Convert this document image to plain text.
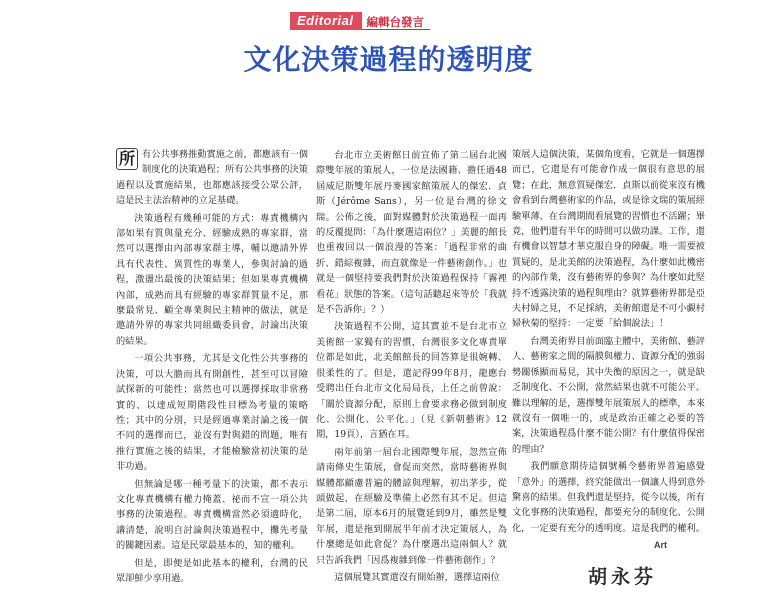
Editorial	編輯台發言
文化決策過程的透明度

所 有公共事務推動實施之前，都應該有一個制度化的決策過程；所有公共事務的決策過程以及實施結果，也都應該接受公眾公評，這是民主法治精神的立足基礎。

決策過程有幾種可能的方式：專責機構內部如果有質與量充分、經驗成熟的專家群，當然可以選擇由內部專家群主導，輔以邀請外界具有代表性、異質性的專業人，參與討論的過程，激盪出最後的決策結果；但如果專責機構內部，成熟而具有經驗的專家群質量不足，那麼最常見、顧全專業與民主精神的做法，就是邀請外界的專家共同組織委員會，討論出決策的結果。

一項公共事務，尤其是文化性公共事務的決策，可以大膽而具有開創性，甚至可以冒險試探新的可能性；當然也可以選擇採取非常務實的、以達成短期階段性目標為考量的策略性；其中的分別，只是經過專業討論之後一個不同的選擇而已，並沒有對與錯的問題，唯有推行實施之後的結果，才能檢驗當初決策的是非功過。

但無論是哪一種考量下的決策，都不表示文化專責機構有權力掩蓋、祕而不宣一項公共事務的決策過程。專責機構當然必須適時化，講清楚，說明自討論與決策過程中，攤先考量的關鍵因素。這是民眾最基本的，知的權利。

但是，即便是如此基本的權利，台灣的民眾卻鮮少享用過。

台北市立美術館日前宣佈了第二屆台北國際雙年展的策展人，一位是法國籍、擔任過48屆威尼斯雙年展丹麥國家館策展人的傑宏．貞斯（Jérôme Sans），另一位是台灣的徐文瑞。公佈之後，面對媒體對於決策過程一面再的反覆提問：「為什麼選這兩位？」美麗的館長也重複回以一個浪漫的答案：「過程非常的曲折、錯綜複雜，而直就像是一件藝術創作。」也就是一個堅持要我們對於決策過程保持「霧裡看花」狀態的答案。（這句話聽起來等於「我就是不告訴你」？）

決策過程不公開，這其實並不是台北市立美術館一家獨有的習慣，台灣很多文化專責單位都是如此，北美館館長的回答算是很婉轉、很柔性的了。但是，還記得99年8月，龍應台受聘出任台北市文化局局長，上任之前曾說：「關於資源分配，原則上會要求務必做到制度化、公開化、公平化。」（見《新朝藝術》12期，19頁），言猶在耳。

兩年前第一屆台北國際雙年展，忽然宣佈請南條史生策展，會促而突然，當時藝術界與媒體都顧慮普遍的體諒與理解，初出茅步，從頭做起，在經驗及準備上必然有其不足。但這是第二屆，原本6月的展覽延到9月，雖然是雙年展，還是拖到開展半年前才決定策展人，為什麼總是如此倉促？為什麼選出這兩個人？就只告訴我們「因爲複雜到像一件藝術創作」？

這個展覽其實還沒有開始辦，選擇這兩位

策展人這個決策，某個角度看，它就是一個選擇而已，它還是有可能會作成一個很有意思的展覽；在此，無意質疑傑宏．貞斯以前從來沒有機會看到台灣藝術家的作品，或是徐文瑞的策展經驗單薄、在台灣期間看展覽的習慣也不活躍；畢竟，他們還有半年的時間可以做功課。工作，還有機會以智慧才華克服自身的障礙。唯一需要被質疑的，是北美館的決策過程，為什麼如此機密的內部作業，沒有藝術界的參與？為什麼如此堅持不透露決策的過程與理由？就算藝術界都是亞夫村婦之見，不足採納，美術館還是不可小覷村婦秋菊的堅持：一定要「給個說法」！

台灣美術界目前面臨主體中，美術館、藝評人、藝術家之間的隔膜與權力、資源分配的強弱勢關係顯而易見，其中失衡的原因之一，就是缺乏制度化、不公開，當然結果也就不可能公平。難以理解的是，選擇雙年展策展人的標準，本來就沒有一個唯一的，或是政治正確之必要的答案，決策過程爲什麼不能公開？有什麼值得保密的理由？

我們願意期待這個號稱令藝術界普遍感覺「意外」的選擇，終究能做出一個讓人得到意外驚喜的結果。但我們還是堅持，從今以後，所有文化事務的決策過程，都要充分的制度化、公開化，一定要有充分的透明度。這是我們的權利。

Art
胡永芬
